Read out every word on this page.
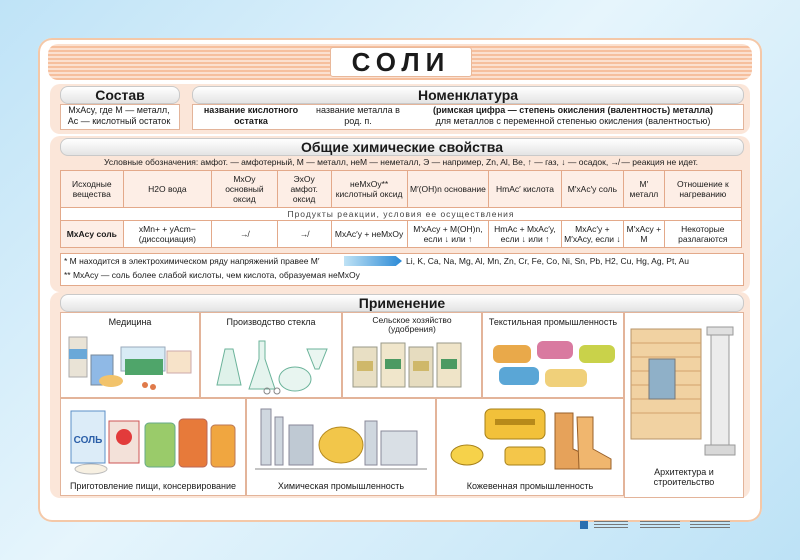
СОЛИ
Состав
MxAcy, где M — металл,
Ac — кислотный остаток
Номенклатура
название кислотного остатка
название металла в род. п.
(римская цифра — степень окисления (валентность) металла)
для металлов с переменной степенью окисления (валентностью)
Общие химические свойства
Условные обозначения: амфот. — амфотерный, M — металл, неM — неметалл, Э — например, Zn, Al, Be, ↑ — газ, ↓ — осадок, ↛ — реакция не идет.
Исходные вещества	H2O вода	MxOy основный оксид	ЭxOy амфот. оксид	неMxOy** кислотный оксид	M′(OH)n основание	HmAc′ кислота	M′xAc′y соль	M′ металл	Отношение к нагреванию
Продукты реакции, условия ее осуществления									
MxAcy соль	xMn+ + yAcm− (диссоциация)	↛	↛	MxAc′y + неMxOy	M′xAcy + M(OH)n, если ↓ или ↑	HmAc + MxAc′y, если ↓ или ↑	MxAc′y + M′xAcy, если ↓	M′xAcy + M	Некоторые разлагаются
* M находится в электрохимическом ряду напряжений правее M′
** MxAcy — соль более слабой кислоты, чем кислота, образуемая неMxOy
Li, K, Ca, Na, Mg, Al, Mn, Zn, Cr, Fe, Co, Ni, Sn, Pb, H2, Cu, Hg, Ag, Pt, Au
Применение
Медицина	Производство стекла	Сельское хозяйство (удобрения)
Текстильная промышленность
Архитектура и строительство
СОЛЬ
Приготовление пищи, консервирование	Химическая промышленность	Кожевенная промышленность
